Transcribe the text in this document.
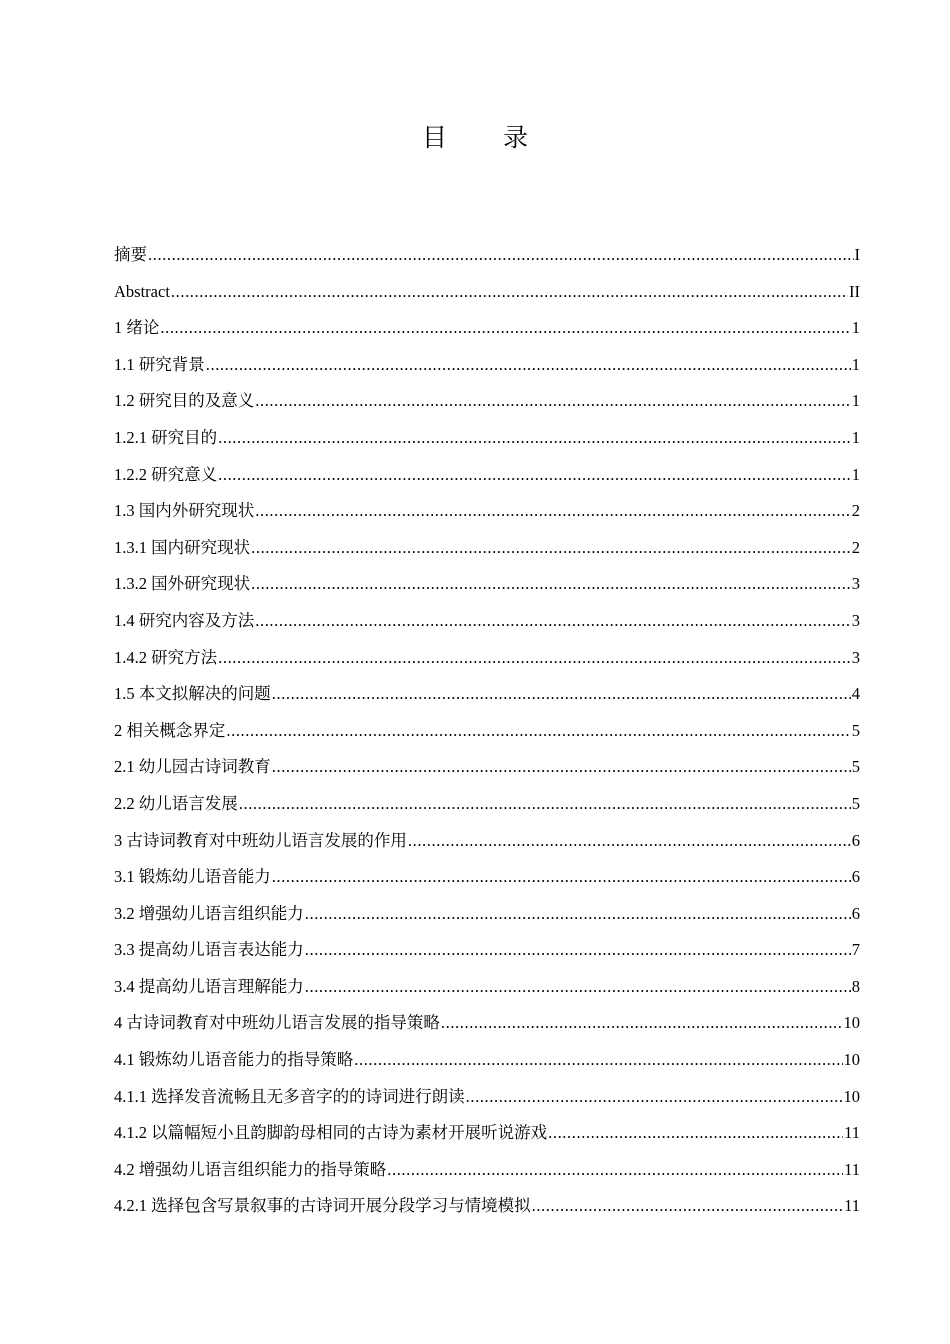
目 录
摘要 .....	I
Abstract .....	II
1 绪论 .....	1
1.1 研究背景 .....	1
1.2 研究目的及意义 .....	1
1.2.1 研究目的 .....	1
1.2.2 研究意义 .....	1
1.3 国内外研究现状 .....	2
1.3.1 国内研究现状 .....	2
1.3.2 国外研究现状 .....	3
1.4 研究内容及方法 .....	3
1.4.2 研究方法 .....	3
1.5 本文拟解决的问题 .....	4
2 相关概念界定 .....	5
2.1 幼儿园古诗词教育 .....	5
2.2 幼儿语言发展 .....	5
3 古诗词教育对中班幼儿语言发展的作用 .....	6
3.1 锻炼幼儿语音能力 .....	6
3.2 增强幼儿语言组织能力 .....	6
3.3 提高幼儿语言表达能力 .....	7
3.4 提高幼儿语言理解能力 .....	8
4 古诗词教育对中班幼儿语言发展的指导策略 .....	10
4.1 锻炼幼儿语音能力的指导策略 .....	10
4.1.1 选择发音流畅且无多音字的的诗词进行朗读 .....	10
4.1.2 以篇幅短小且韵脚韵母相同的古诗为素材开展听说游戏 .....	11
4.2 增强幼儿语言组织能力的指导策略 .....	11
4.2.1 选择包含写景叙事的古诗词开展分段学习与情境模拟 .....	11
